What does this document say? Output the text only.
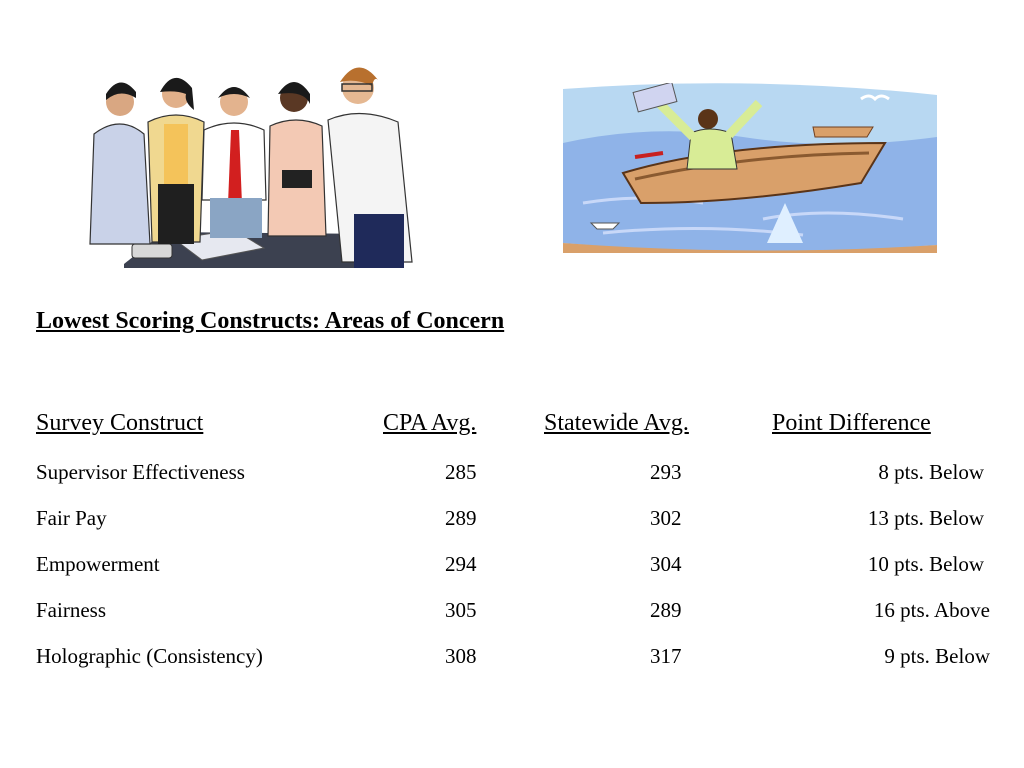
Lowest Scoring Constructs: Areas of Concern
Survey Construct	CPA Avg.	Statewide Avg.	Point Difference
Supervisor Effectiveness	285	293	8 pts. Below
Fair Pay	289	302	13 pts. Below
Empowerment	294	304	10 pts. Below
Fairness	305	289	16 pts. Above
Holographic (Consistency)	308	317	9 pts. Below
